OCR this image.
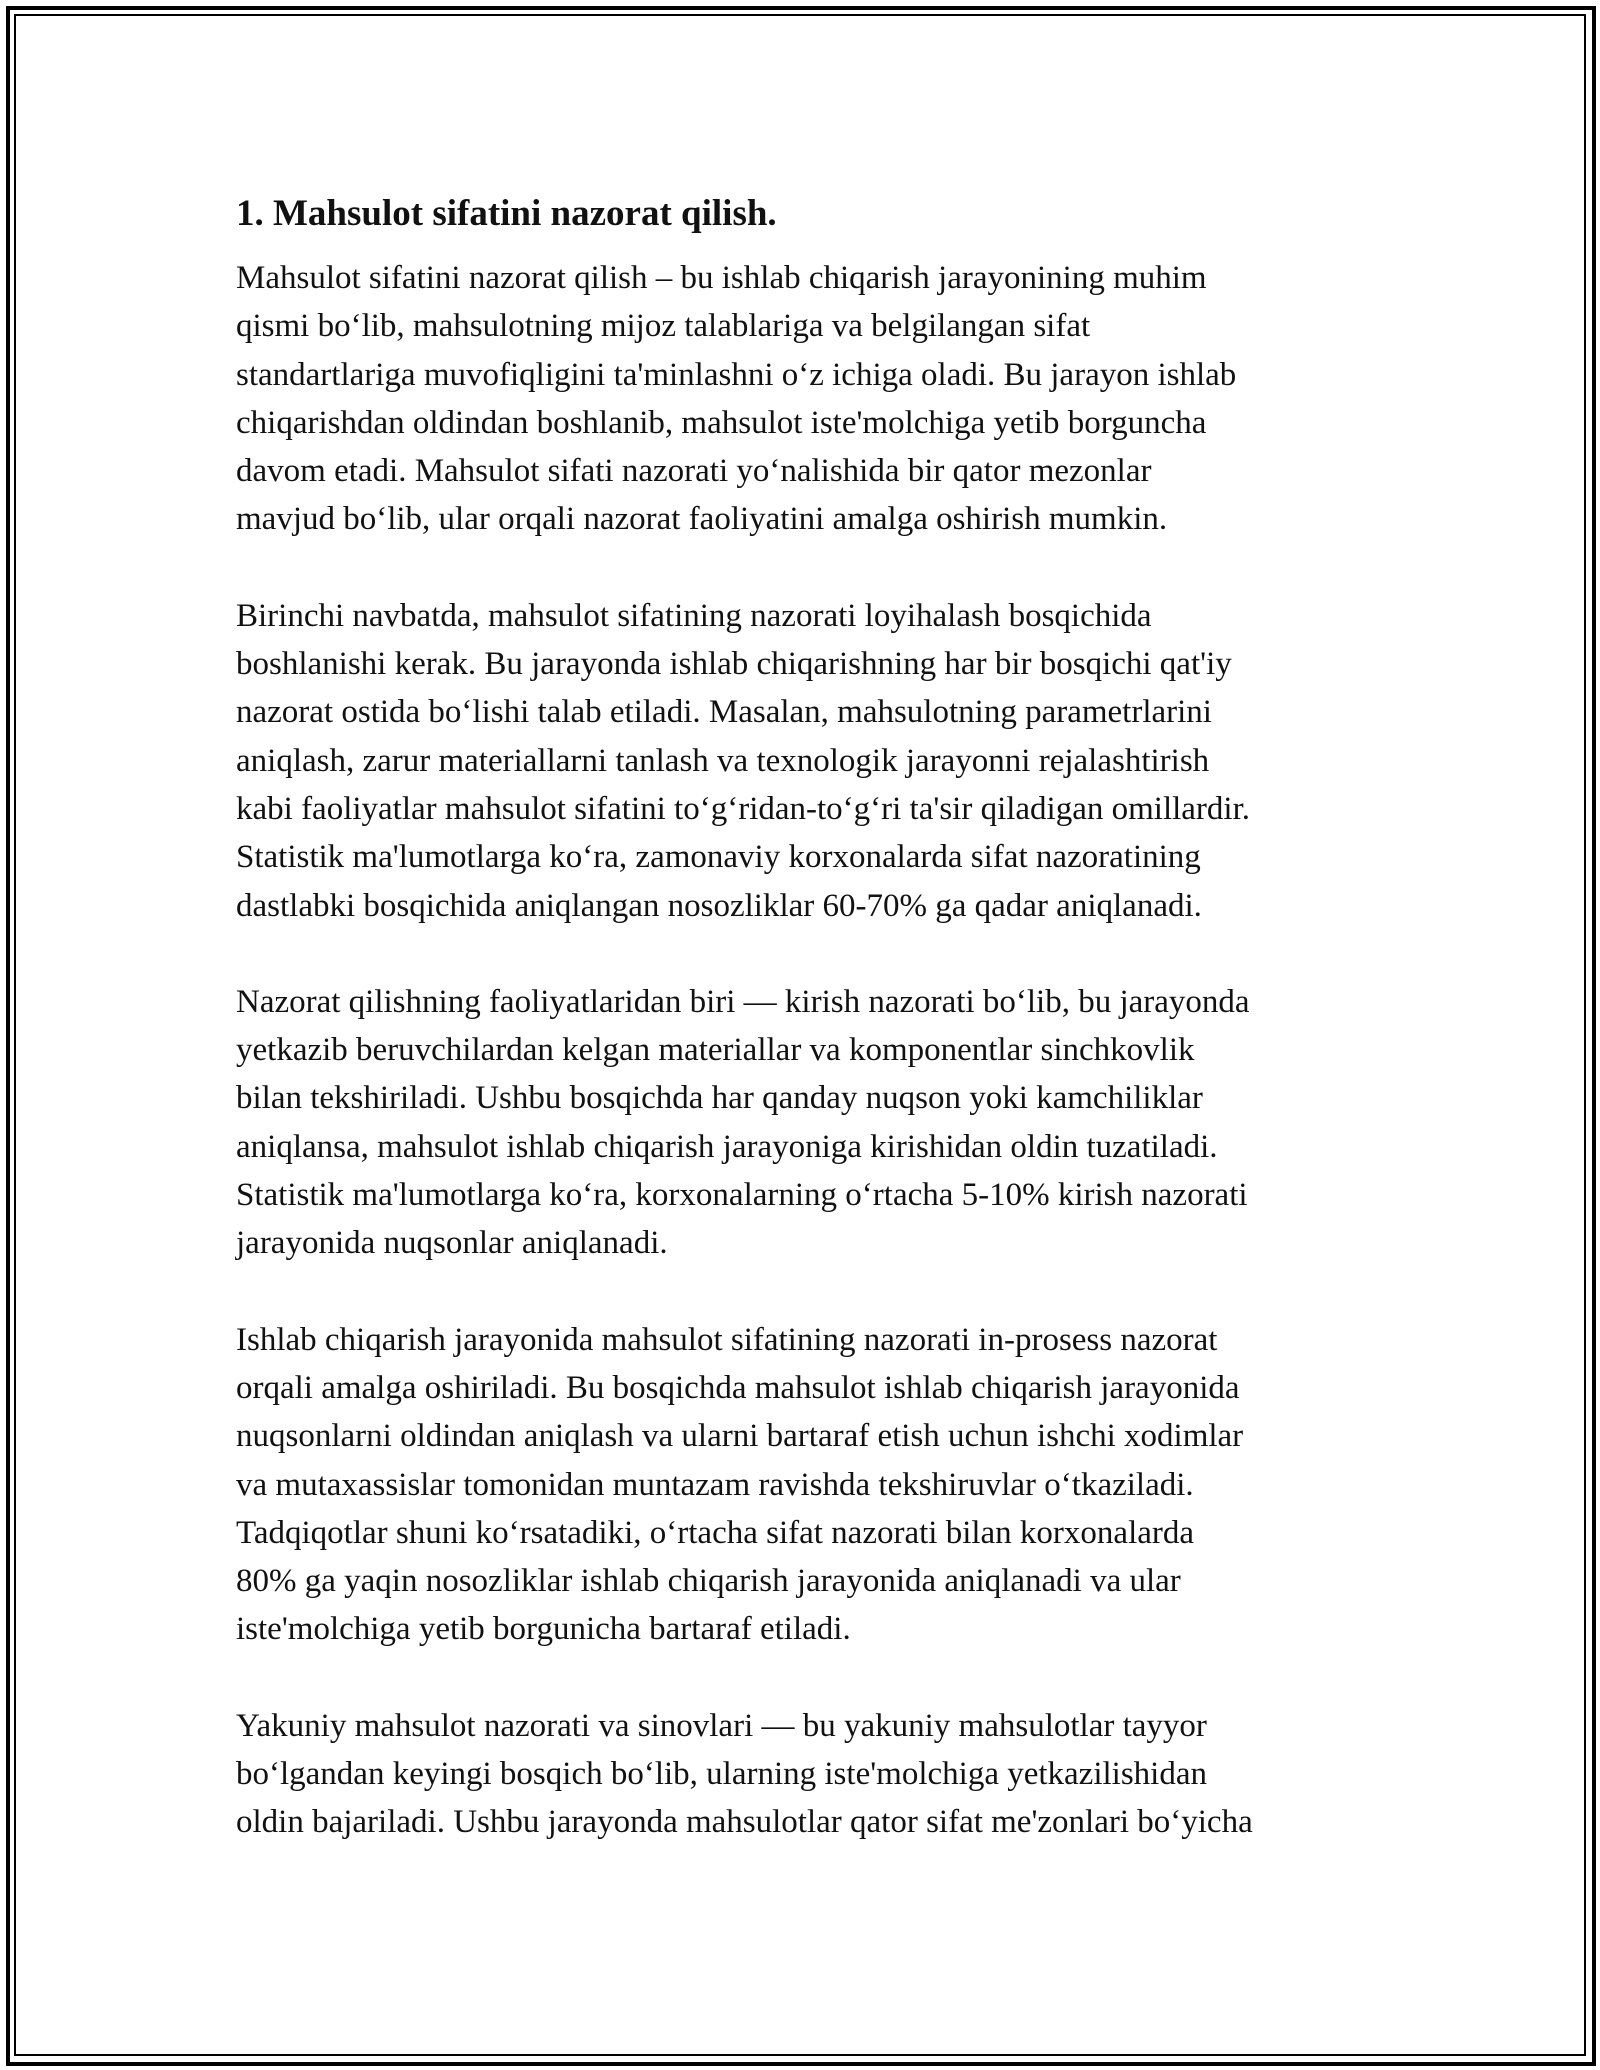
1. Mahsulot sifatini nazorat qilish.

Mahsulot sifatini nazorat qilish – bu ishlab chiqarish jarayonining muhim
qismi bo‘lib, mahsulotning mijoz talablariga va belgilangan sifat
standartlariga muvofiqligini ta'minlashni o‘z ichiga oladi. Bu jarayon ishlab
chiqarishdan oldindan boshlanib, mahsulot iste'molchiga yetib borguncha
davom etadi. Mahsulot sifati nazorati yo‘nalishida bir qator mezonlar
mavjud bo‘lib, ular orqali nazorat faoliyatini amalga oshirish mumkin.

Birinchi navbatda, mahsulot sifatining nazorati loyihalash bosqichida
boshlanishi kerak. Bu jarayonda ishlab chiqarishning har bir bosqichi qat'iy
nazorat ostida bo‘lishi talab etiladi. Masalan, mahsulotning parametrlarini
aniqlash, zarur materiallarni tanlash va texnologik jarayonni rejalashtirish
kabi faoliyatlar mahsulot sifatini to‘g‘ridan-to‘g‘ri ta'sir qiladigan omillardir.
Statistik ma'lumotlarga ko‘ra, zamonaviy korxonalarda sifat nazoratining
dastlabki bosqichida aniqlangan nosozliklar 60-70% ga qadar aniqlanadi.

Nazorat qilishning faoliyatlaridan biri — kirish nazorati bo‘lib, bu jarayonda
yetkazib beruvchilardan kelgan materiallar va komponentlar sinchkovlik
bilan tekshiriladi. Ushbu bosqichda har qanday nuqson yoki kamchiliklar
aniqlansa, mahsulot ishlab chiqarish jarayoniga kirishidan oldin tuzatiladi.
Statistik ma'lumotlarga ko‘ra, korxonalarning o‘rtacha 5-10% kirish nazorati
jarayonida nuqsonlar aniqlanadi.

Ishlab chiqarish jarayonida mahsulot sifatining nazorati in-prosess nazorat
orqali amalga oshiriladi. Bu bosqichda mahsulot ishlab chiqarish jarayonida
nuqsonlarni oldindan aniqlash va ularni bartaraf etish uchun ishchi xodimlar
va mutaxassislar tomonidan muntazam ravishda tekshiruvlar o‘tkaziladi.
Tadqiqotlar shuni ko‘rsatadiki, o‘rtacha sifat nazorati bilan korxonalarda
80% ga yaqin nosozliklar ishlab chiqarish jarayonida aniqlanadi va ular
iste'molchiga yetib borgunicha bartaraf etiladi.

Yakuniy mahsulot nazorati va sinovlari — bu yakuniy mahsulotlar tayyor
bo‘lgandan keyingi bosqich bo‘lib, ularning iste'molchiga yetkazilishidan
oldin bajariladi. Ushbu jarayonda mahsulotlar qator sifat me'zonlari bo‘yicha
